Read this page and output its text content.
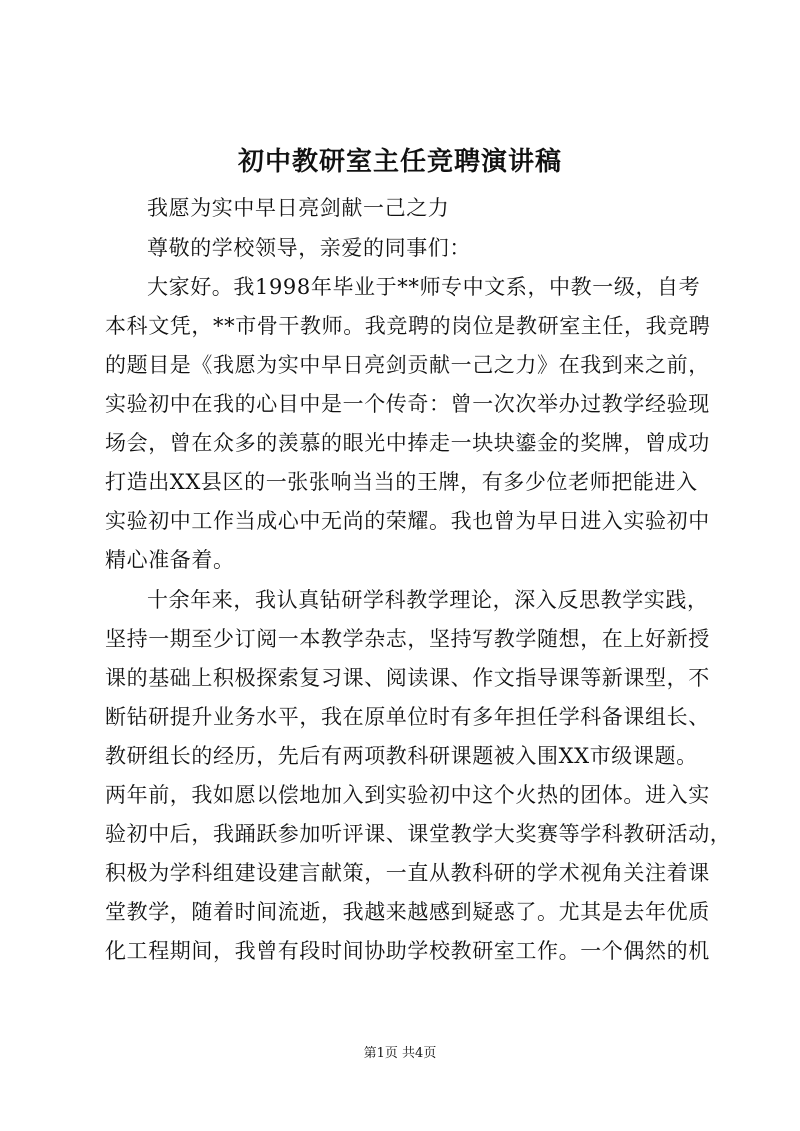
初中教研室主任竞聘演讲稿
我愿为实中早日亮剑献一己之力
尊敬的学校领导，亲爱的同事们：
大家好。我1998年毕业于**师专中文系，中教一级，自考
本科文凭，**市骨干教师。我竞聘的岗位是教研室主任，我竞聘
的题目是《我愿为实中早日亮剑贡献一己之力》在我到来之前，
实验初中在我的心目中是一个传奇：曾一次次举办过教学经验现
场会，曾在众多的羡慕的眼光中捧走一块块鎏金的奖牌，曾成功
打造出XX县区的一张张响当当的王牌，有多少位老师把能进入
实验初中工作当成心中无尚的荣耀。我也曾为早日进入实验初中
精心准备着。
十余年来，我认真钻研学科教学理论，深入反思教学实践，
坚持一期至少订阅一本教学杂志，坚持写教学随想，在上好新授
课的基础上积极探索复习课、阅读课、作文指导课等新课型，不
断钻研提升业务水平，我在原单位时有多年担任学科备课组长、
教研组长的经历，先后有两项教科研课题被入围XX市级课题。
两年前，我如愿以偿地加入到实验初中这个火热的团体。进入实
验初中后，我踊跃参加听评课、课堂教学大奖赛等学科教研活动，
积极为学科组建设建言献策，一直从教科研的学术视角关注着课
堂教学，随着时间流逝，我越来越感到疑惑了。尤其是去年优质
化工程期间，我曾有段时间协助学校教研室工作。一个偶然的机
第1页 共4页
